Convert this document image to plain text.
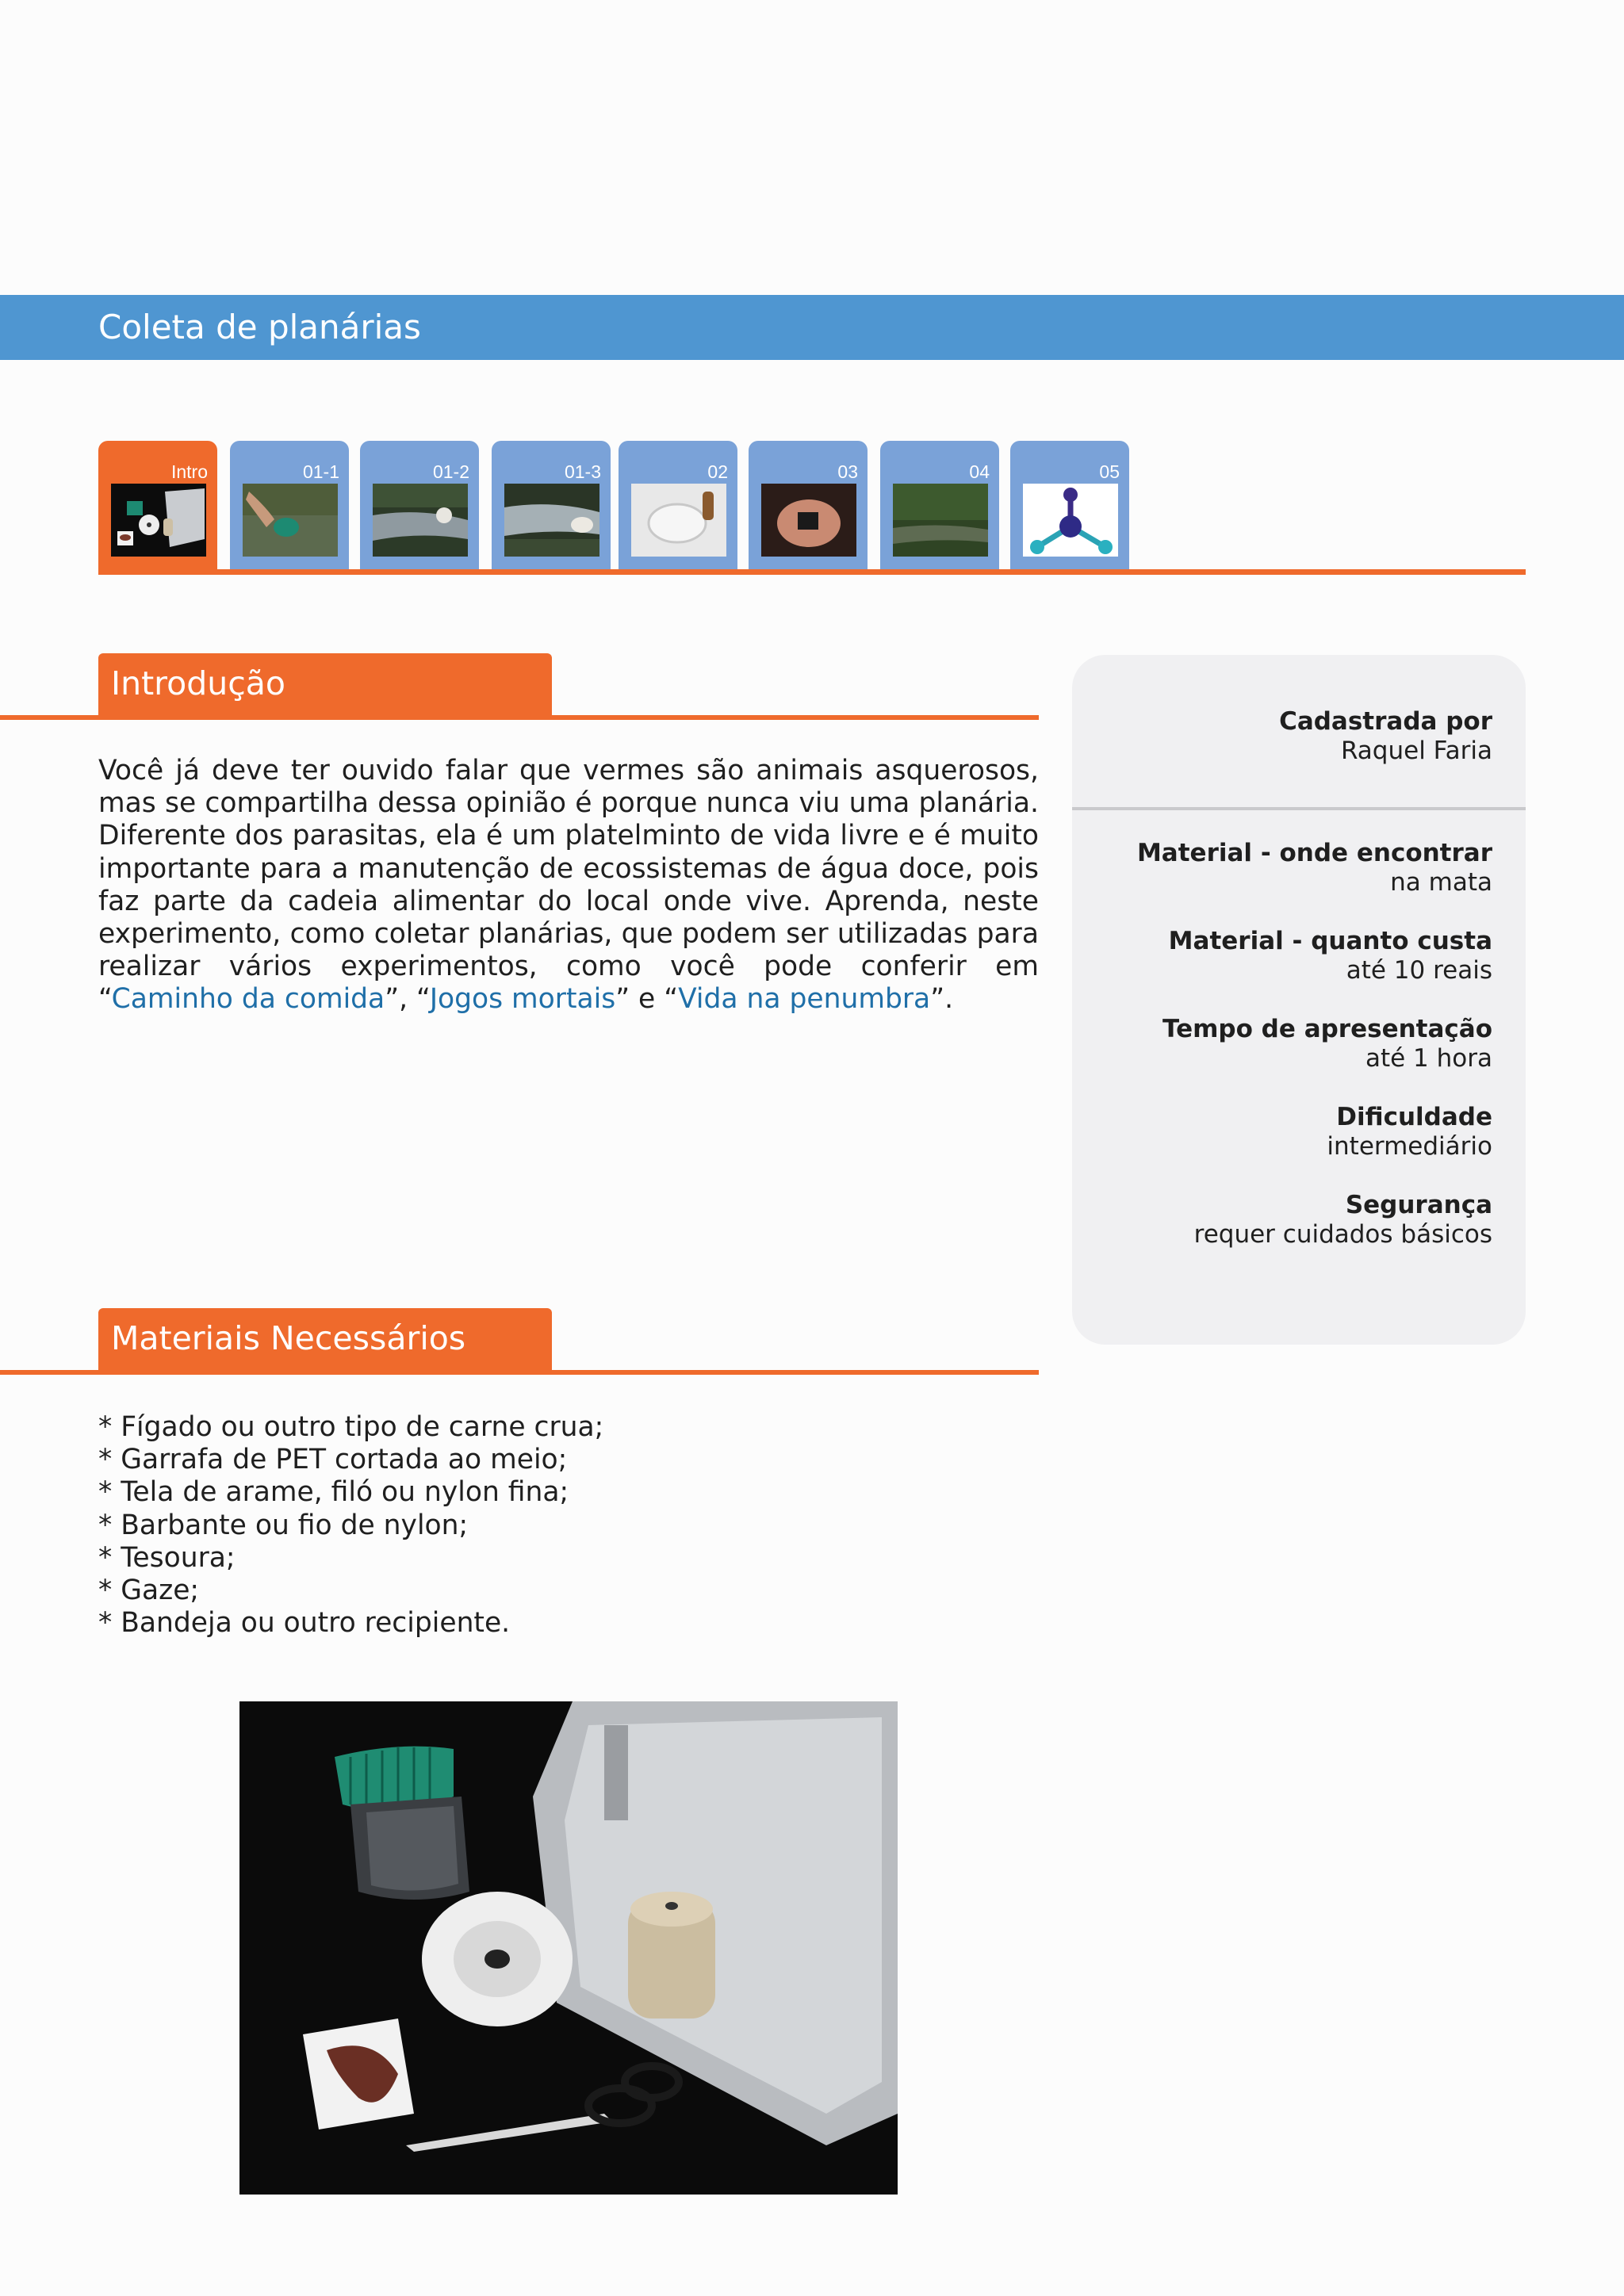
Coleta de planárias
Intro	01-1	01-2	01-3	02	03	04	05
Introdução
Você já deve ter ouvido falar que vermes são animais asquerosos, mas se compartilha dessa opinião é porque nunca viu uma planária. Diferente dos parasitas, ela é um platelminto de vida livre e é muito importante para a manutenção de ecossistemas de água doce, pois faz parte da cadeia alimentar do local onde vive. Aprenda, neste experimento, como coletar planárias, que podem ser utilizadas para realizar vários experimentos, como você pode conferir em “Caminho da comida”, “Jogos mortais” e “Vida na penumbra”.
Materiais Necessários
* Fígado ou outro tipo de carne crua;
* Garrafa de PET cortada ao meio;
* Tela de arame, filó ou nylon fina;
* Barbante ou fio de nylon;
* Tesoura;
* Gaze;
* Bandeja ou outro recipiente.
Cadastrada por
Raquel Faria
Material - onde encontrar
na mata
Material - quanto custa
até 10 reais
Tempo de apresentação
até 1 hora
Dificuldade
intermediário
Segurança
requer cuidados básicos
